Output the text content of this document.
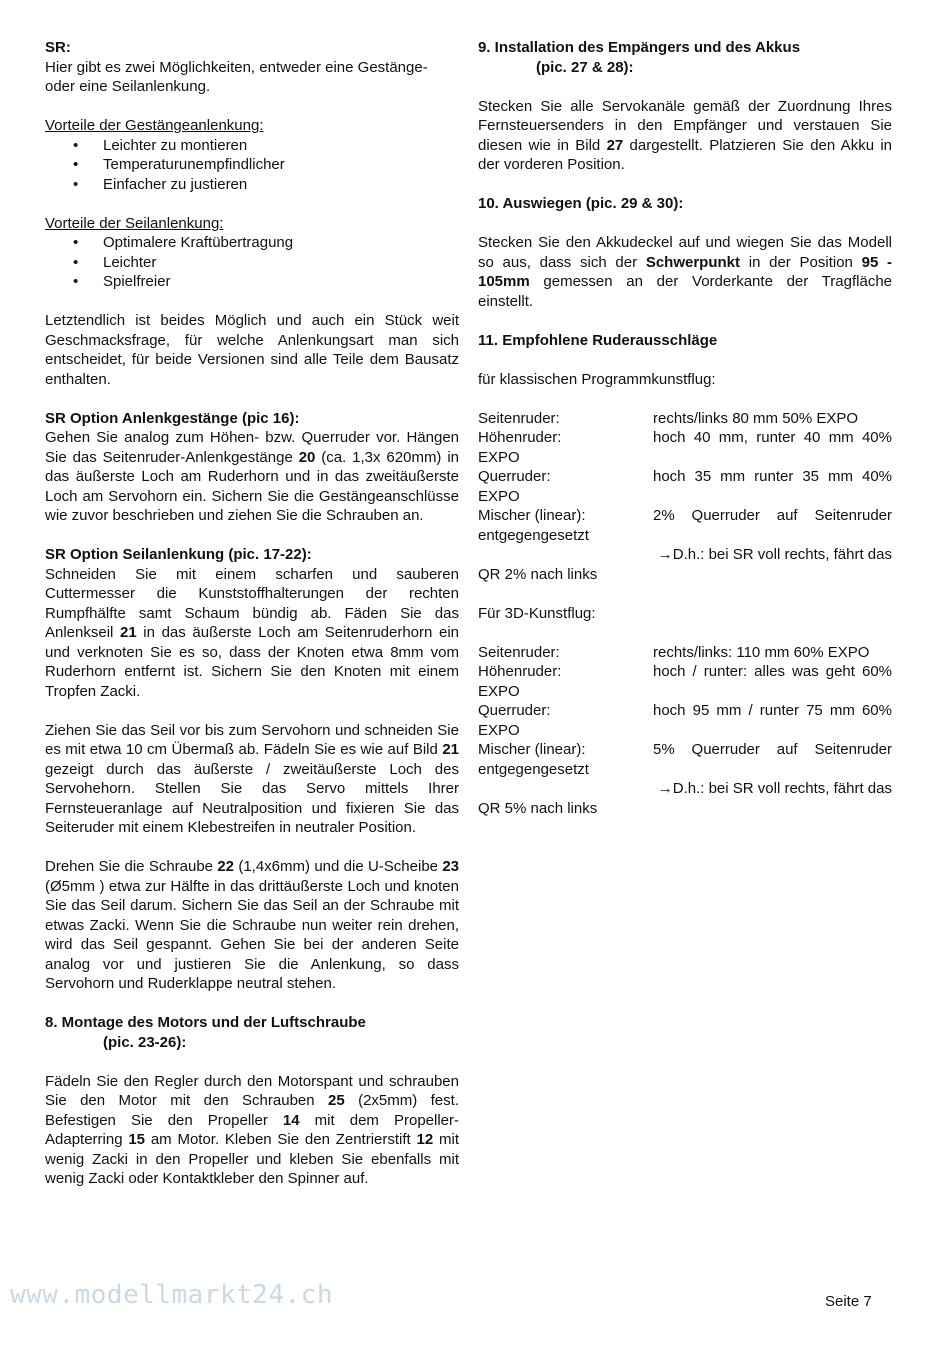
SR:

Hier gibt es zwei Möglichkeiten, entweder eine Gestänge- oder eine Seilanlenkung.

Vorteile der Gestängeanlenkung:

• Leichter zu montieren
• Temperaturunempfindlicher
• Einfacher zu justieren

Vorteile der Seilanlenkung:

• Optimalere Kraftübertragung
• Leichter
• Spielfreier

Letztendlich ist beides Möglich und auch ein Stück weit Geschmacksfrage, für welche Anlenkungsart man sich entscheidet, für beide Versionen sind alle Teile dem Bausatz enthalten.

SR Option Anlenkgestänge (pic 16):

Gehen Sie analog zum Höhen- bzw. Querruder vor. Hängen Sie das Seitenruder-Anlenkgestänge 20 (ca. 1,3x 620mm) in das äußerste Loch am Ruderhorn und in das zweitäußerste Loch am Servohorn ein. Sichern Sie die Gestängeanschlüsse wie zuvor beschrieben und ziehen Sie die Schrauben an.

SR Option Seilanlenkung (pic. 17-22):

Schneiden Sie mit einem scharfen und sauberen Cuttermesser die Kunststoffhalterungen der rechten Rumpfhälfte samt Schaum bündig ab. Fäden Sie das Anlenkseil 21 in das äußerste Loch am Seitenruderhorn ein und verknoten Sie es so, dass der Knoten etwa 8mm vom Ruderhorn entfernt ist. Sichern Sie den Knoten mit einem Tropfen Zacki.

Ziehen Sie das Seil vor bis zum Servohorn und schneiden Sie es mit etwa 10 cm Übermaß ab. Fädeln Sie es wie auf Bild 21 gezeigt durch das äußerste / zweitäußerste Loch des Servohehorn. Stellen Sie das Servo mittels Ihrer Fernsteueranlage auf Neutralposition und fixieren Sie das Seiteruder mit einem Klebestreifen in neutraler Position.

Drehen Sie die Schraube 22 (1,4x6mm) und die U-Scheibe 23 (Ø5mm ) etwa zur Hälfte in das drittäußerste Loch und knoten Sie das Seil darum. Sichern Sie das Seil an der Schraube mit etwas Zacki. Wenn Sie die Schraube nun weiter rein drehen, wird das Seil gespannt. Gehen Sie bei der anderen Seite analog vor und justieren Sie die Anlenkung, so dass Servohorn und Ruderklappe neutral stehen.

8. Montage des Motors und der Luftschraube

(pic. 23-26):

Fädeln Sie den Regler durch den Motorspant und schrauben Sie den Motor mit den Schrauben 25 (2x5mm) fest. Befestigen Sie den Propeller 14 mit dem Propeller-Adapterring 15 am Motor. Kleben Sie den Zentrierstift 12 mit wenig Zacki in den Propeller und kleben Sie ebenfalls mit wenig Zacki oder Kontaktkleber den Spinner auf.

9. Installation des Empängers und des Akkus

(pic. 27 & 28):

Stecken Sie alle Servokanäle gemäß der Zuordnung Ihres Fernsteuersenders in den Empfänger und verstauen Sie diesen wie in Bild 27 dargestellt. Platzieren Sie den Akku in der vorderen Position.

10. Auswiegen (pic. 29 & 30):

Stecken Sie den Akkudeckel auf und wiegen Sie das Modell so aus, dass sich der Schwerpunkt in der Position 95 - 105mm gemessen an der Vorderkante der Tragfläche einstellt.

11. Empfohlene Ruderausschläge

für klassischen Programmkunstflug:

Seitenruder:	rechts/links 80 mm 50% EXPO
Höhenruder:	hoch 40 mm, runter 40 mm 40%

EXPO

Querruder:	hoch 35 mm runter 35 mm 40%

EXPO

Mischer (linear):	2% Querruder auf Seitenruder

entgegengesetzt

→D.h.: bei SR voll rechts, fährt das

QR 2% nach links

Für 3D-Kunstflug:

Seitenruder:	rechts/links: 110 mm 60% EXPO
Höhenruder:	hoch / runter: alles was geht 60%

EXPO

Querruder:	hoch 95 mm / runter 75 mm 60%

EXPO

Mischer (linear):	5% Querruder auf Seitenruder

entgegengesetzt

→D.h.: bei SR voll rechts, fährt das

QR 5% nach links

www.modellmarkt24.ch	Seite 7
